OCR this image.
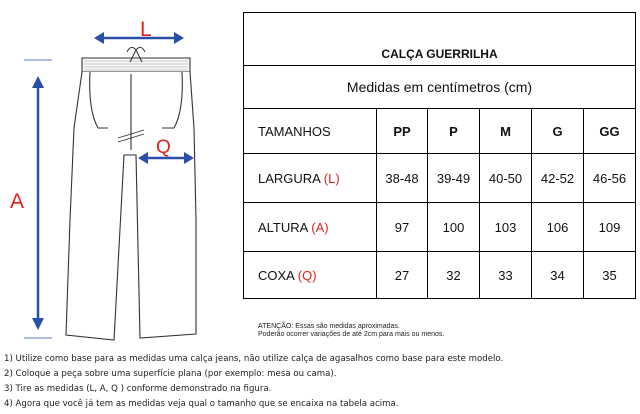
L
A
Q
CALÇA GUERRILHA					
Medidas em centímetros (cm)					
TAMANHOS	PP	P	M	G	GG
LARGURA (L)	38-48	39-49	40-50	42-52	46-56
ALTURA (A)	97	100	103	106	109
COXA (Q)	27	32	33	34	35
ATENÇÃO: Essas são medidas aproximadas.
Poderão ocorrer variações de até 2cm para mais ou menos.
1) Utilize como base para as medidas uma calça jeans, não utilize calça de agasalhos como base para este modelo.
2) Coloque a peça sobre uma superfície plana (por exemplo: mesa ou cama).
3) Tire as medidas (L, A, Q ) conforme demonstrado na figura.
4) Agora que você já tem as medidas veja qual o tamanho que se encaixa na tabela acima.
